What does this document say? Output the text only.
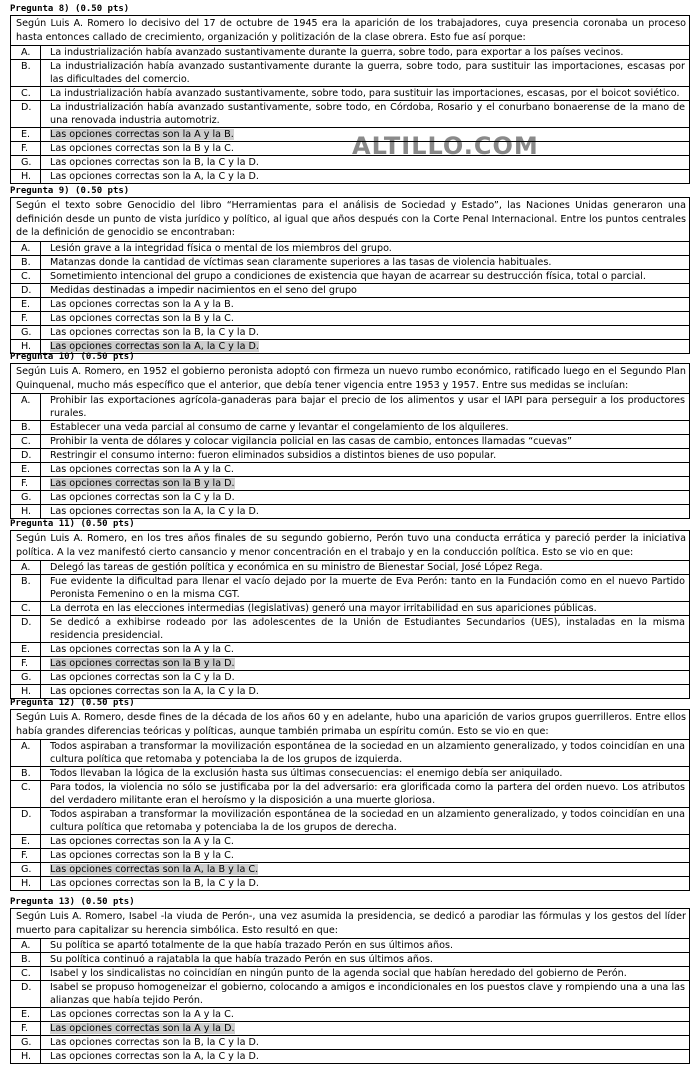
ALTILLO.COM
Pregunta 8) (0.50 pts)
Según Luis A. Romero lo decisivo del 17 de octubre de 1945 era la aparición de los trabajadores, cuya presencia coronaba un proceso hasta entonces callado de crecimiento, organización y politización de la clase obrera. Esto fue así porque:
A.	La industrialización había avanzado sustantivamente durante la guerra, sobre todo, para exportar a los países vecinos.
B.	La industrialización había avanzado sustantivamente durante la guerra, sobre todo, para sustituir las importaciones, escasas por las dificultades del comercio.
C.	La industrialización había avanzado sustantivamente, sobre todo, para sustituir las importaciones, escasas, por el boicot soviético.
D.	La industrialización había avanzado sustantivamente, sobre todo, en Córdoba, Rosario y el conurbano bonaerense de la mano de una renovada industria automotriz.
E.	Las opciones correctas son la A y la B.
F.	Las opciones correctas son la B y la C.
G.	Las opciones correctas son la B, la C y la D.
H.	Las opciones correctas son la A, la C y la D.
Pregunta 9) (0.50 pts)
Según el texto sobre Genocidio del libro “Herramientas para el análisis de Sociedad y Estado”, las Naciones Unidas generaron una definición desde un punto de vista jurídico y político, al igual que años después con la Corte Penal Internacional. Entre los puntos centrales de la definición de genocidio se encontraban:
A.	Lesión grave a la integridad física o mental de los miembros del grupo.
B.	Matanzas donde la cantidad de víctimas sean claramente superiores a las tasas de violencia habituales.
C.	Sometimiento intencional del grupo a condiciones de existencia que hayan de acarrear su destrucción física, total o parcial.
D.	Medidas destinadas a impedir nacimientos en el seno del grupo
E.	Las opciones correctas son la A y la B.
F.	Las opciones correctas son la B y la C.
G.	Las opciones correctas son la B, la C y la D.
H.	Las opciones correctas son la A, la C y la D.
Pregunta 10) (0.50 pts)
Según Luis A. Romero, en 1952 el gobierno peronista adoptó con firmeza un nuevo rumbo económico, ratificado luego en el Segundo Plan Quinquenal, mucho más específico que el anterior, que debía tener vigencia entre 1953 y 1957. Entre sus medidas se incluían:
A.	Prohibir las exportaciones agrícola-ganaderas para bajar el precio de los alimentos y usar el IAPI para perseguir a los productores rurales.
B.	Establecer una veda parcial al consumo de carne y levantar el congelamiento de los alquileres.
C.	Prohibir la venta de dólares y colocar vigilancia policial en las casas de cambio, entonces llamadas “cuevas”
D.	Restringir el consumo interno: fueron eliminados subsidios a distintos bienes de uso popular.
E.	Las opciones correctas son la A y la C.
F.	Las opciones correctas son la B y la D.
G.	Las opciones correctas son la C y la D.
H.	Las opciones correctas son la A, la C y la D.
Pregunta 11) (0.50 pts)
Según Luis A. Romero, en los tres años finales de su segundo gobierno, Perón tuvo una conducta errática y pareció perder la iniciativa política. A la vez manifestó cierto cansancio y menor concentración en el trabajo y en la conducción política. Esto se vio en que:
A.	Delegó las tareas de gestión política y económica en su ministro de Bienestar Social, José López Rega.
B.	Fue evidente la dificultad para llenar el vacío dejado por la muerte de Eva Perón: tanto en la Fundación como en el nuevo Partido Peronista Femenino o en la misma CGT.
C.	La derrota en las elecciones intermedias (legislativas) generó una mayor irritabilidad en sus apariciones públicas.
D.	Se dedicó a exhibirse rodeado por las adolescentes de la Unión de Estudiantes Secundarios (UES), instaladas en la misma residencia presidencial.
E.	Las opciones correctas son la A y la C.
F.	Las opciones correctas son la B y la D.
G.	Las opciones correctas son la C y la D.
H.	Las opciones correctas son la A, la C y la D.
Pregunta 12) (0.50 pts)
Según Luis A. Romero, desde fines de la década de los años 60 y en adelante, hubo una aparición de varios grupos guerrilleros. Entre ellos había grandes diferencias teóricas y políticas, aunque también primaba un espíritu común. Esto se vio en que:
A.	Todos aspiraban a transformar la movilización espontánea de la sociedad en un alzamiento generalizado, y todos coincidían en una cultura política que retomaba y potenciaba la de los grupos de izquierda.
B.	Todos llevaban la lógica de la exclusión hasta sus últimas consecuencias: el enemigo debía ser aniquilado.
C.	Para todos, la violencia no sólo se justificaba por la del adversario: era glorificada como la partera del orden nuevo. Los atributos del verdadero militante eran el heroísmo y la disposición a una muerte gloriosa.
D.	Todos aspiraban a transformar la movilización espontánea de la sociedad en un alzamiento generalizado, y todos coincidían en una cultura política que retomaba y potenciaba la de los grupos de derecha.
E.	Las opciones correctas son la A y la C.
F.	Las opciones correctas son la B y la C.
G.	Las opciones correctas son la A, la B y la C.
H.	Las opciones correctas son la B, la C y la D.
Pregunta 13) (0.50 pts)
Según Luis A. Romero, Isabel -la viuda de Perón-, una vez asumida la presidencia, se dedicó a parodiar las fórmulas y los gestos del líder muerto para capitalizar su herencia simbólica. Esto resultó en que:
A.	Su política se apartó totalmente de la que había trazado Perón en sus últimos años.
B.	Su política continuó a rajatabla la que había trazado Perón en sus últimos años.
C.	Isabel y los sindicalistas no coincidían en ningún punto de la agenda social que habían heredado del gobierno de Perón.
D.	Isabel se propuso homogeneizar el gobierno, colocando a amigos e incondicionales en los puestos clave y rompiendo una a una las alianzas que había tejido Perón.
E.	Las opciones correctas son la A y la C.
F.	Las opciones correctas son la A y la D.
G.	Las opciones correctas son la B, la C y la D.
H.	Las opciones correctas son la A, la C y la D.
